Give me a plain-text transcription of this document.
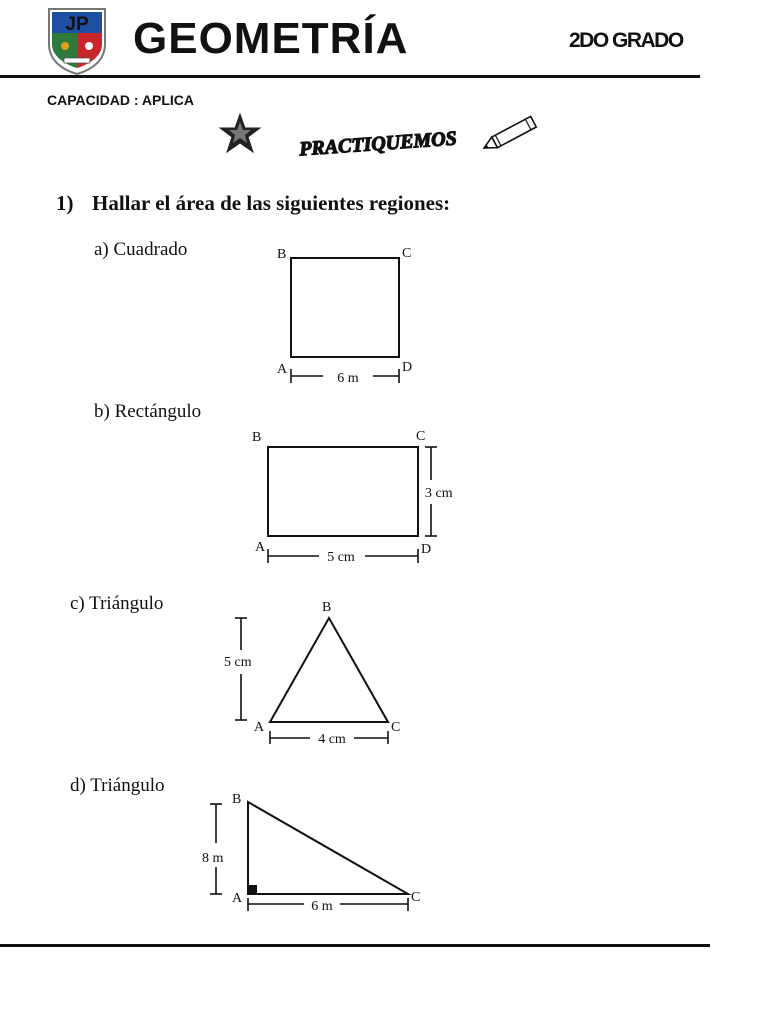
JP GEOMETRÍA	2DO GRADO
CAPACIDAD : APLICA
PRACTIQUEMOS
1) Hallar el área de las siguientes regiones:
a) Cuadrado	B	C
A	D
6 m
b) Rectángulo
B	C
A	D
3 cm
5 cm
c) Triángulo	B
A	C
5 cm
4 cm
d) Triángulo
B
A	C
8 m
6 m
